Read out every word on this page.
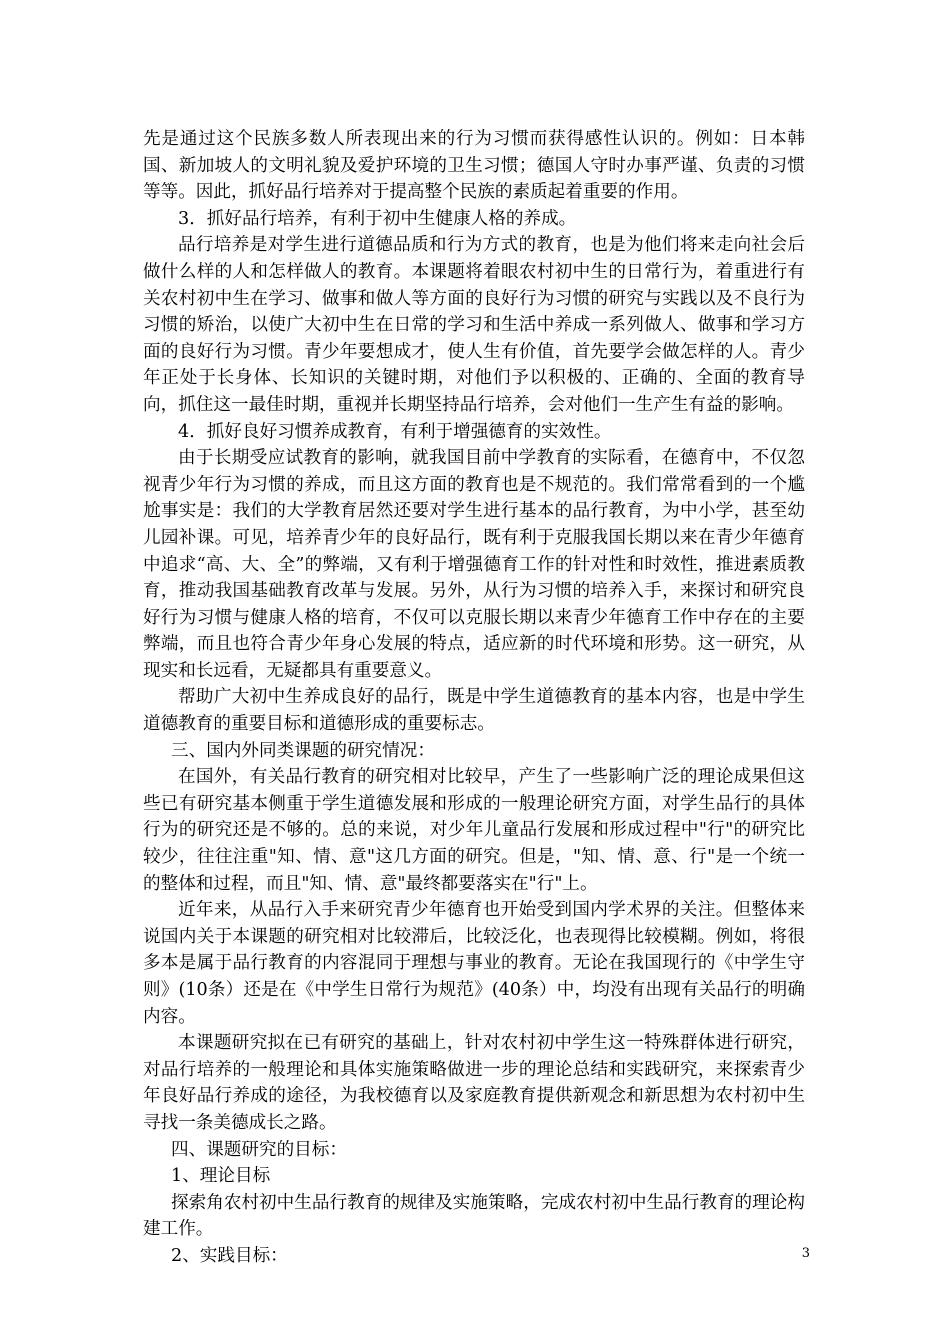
先是通过这个民族多数人所表现出来的行为习惯而获得感性认识的。例如：日本韩国、新加坡人的文明礼貌及爱护环境的卫生习惯；德国人守时办事严谨、负责的习惯等等。因此，抓好品行培养对于提高整个民族的素质起着重要的作用。

3．抓好品行培养，有利于初中生健康人格的养成。

品行培养是对学生进行道德品质和行为方式的教育，也是为他们将来走向社会后做什么样的人和怎样做人的教育。本课题将着眼农村初中生的日常行为，着重进行有关农村初中生在学习、做事和做人等方面的良好行为习惯的研究与实践以及不良行为习惯的矫治，以使广大初中生在日常的学习和生活中养成一系列做人、做事和学习方面的良好行为习惯。青少年要想成才，使人生有价值，首先要学会做怎样的人。青少年正处于长身体、长知识的关键时期，对他们予以积极的、正确的、全面的教育导向，抓住这一最佳时期，重视并长期坚持品行培养，会对他们一生产生有益的影响。

4．抓好良好习惯养成教育，有利于增强德育的实效性。

由于长期受应试教育的影响，就我国目前中学教育的实际看，在德育中，不仅忽视青少年行为习惯的养成，而且这方面的教育也是不规范的。我们常常看到的一个尴尬事实是：我们的大学教育居然还要对学生进行基本的品行教育，为中小学，甚至幼儿园补课。可见，培养青少年的良好品行，既有利于克服我国长期以来在青少年德育中追求“高、大、全”的弊端，又有利于增强德育工作的针对性和时效性，推进素质教育，推动我国基础教育改革与发展。另外，从行为习惯的培养入手，来探讨和研究良好行为习惯与健康人格的培育，不仅可以克服长期以来青少年德育工作中存在的主要弊端，而且也符合青少年身心发展的特点，适应新的时代环境和形势。这一研究，从现实和长远看，无疑都具有重要意义。

帮助广大初中生养成良好的品行，既是中学生道德教育的基本内容，也是中学生道德教育的重要目标和道德形成的重要标志。

三、国内外同类课题的研究情况：

在国外，有关品行教育的研究相对比较早，产生了一些影响广泛的理论成果但这些已有研究基本侧重于学生道德发展和形成的一般理论研究方面，对学生品行的具体行为的研究还是不够的。总的来说，对少年儿童品行发展和形成过程中"行"的研究比较少，往往注重"知、情、意"这几方面的研究。但是，"知、情、意、行"是一个统一的整体和过程，而且"知、情、意"最终都要落实在"行"上。

近年来，从品行入手来研究青少年德育也开始受到国内学术界的关注。但整体来说国内关于本课题的研究相对比较滞后，比较泛化，也表现得比较模糊。例如，将很多本是属于品行教育的内容混同于理想与事业的教育。无论在我国现行的《中学生守则》(10条）还是在《中学生日常行为规范》(40条）中，均没有出现有关品行的明确内容。

本课题研究拟在已有研究的基础上，针对农村初中学生这一特殊群体进行研究，对品行培养的一般理论和具体实施策略做进一步的理论总结和实践研究，来探索青少年良好品行养成的途径，为我校德育以及家庭教育提供新观念和新思想为农村初中生寻找一条美德成长之路。

四、课题研究的目标：

1、理论目标

探索角农村初中生品行教育的规律及实施策略，完成农村初中生品行教育的理论构建工作。

2、实践目标：	3
